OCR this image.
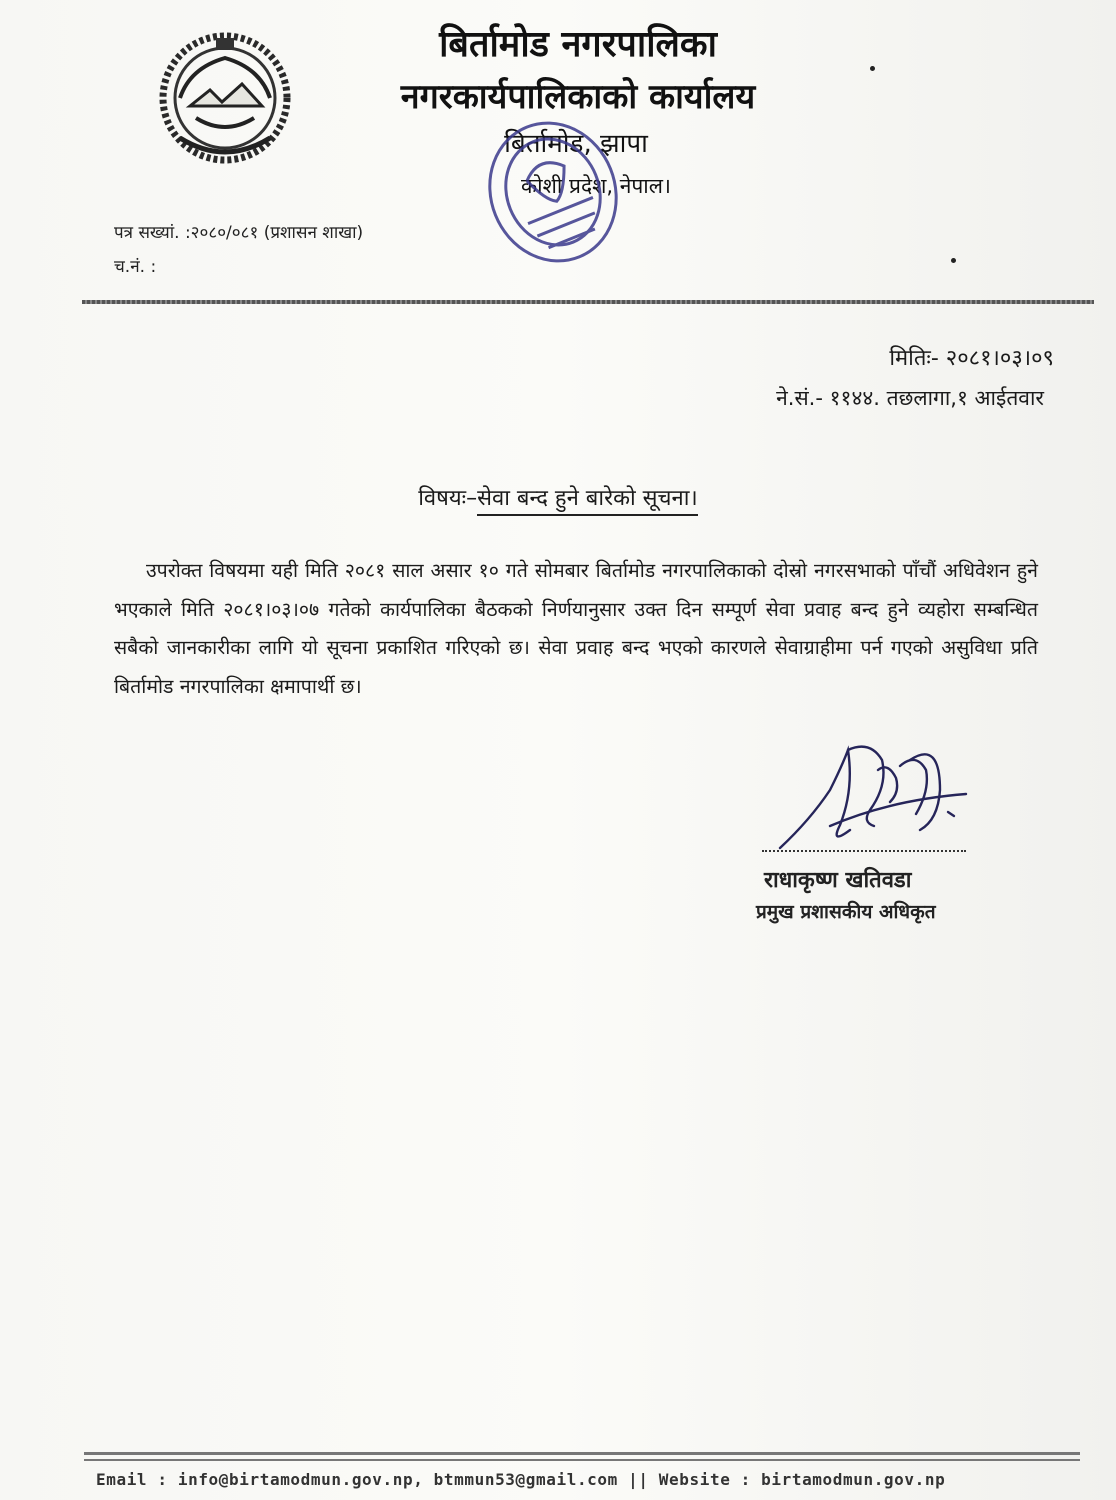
बिर्तामोड नगरपालिका
नगरकार्यपालिकाको कार्यालय
बिर्तामोड, झापा
कोशी प्रदेश, नेपाल।
पत्र सख्यां. :२०८०/०८१ (प्रशासन शाखा)
च.नं. :
मितिः- २०८१।०३।०९
ने.सं.- ११४४. तछलागा,१ आईतवार
विषयः–सेवा बन्द हुने बारेको सूचना।

उपरोक्त विषयमा यही मिति २०८१ साल असार १० गते सोमबार बिर्तामोड नगरपालिकाको दोस्रो नगरसभाको पाँचौं अधिवेशन हुने भएकाले मिति २०८१।०३।०७ गतेको कार्यपालिका बैठकको निर्णयानुसार उक्त दिन सम्पूर्ण सेवा प्रवाह बन्द हुने व्यहोरा सम्बन्धित सबैको जानकारीका लागि यो सूचना प्रकाशित गरिएको छ। सेवा प्रवाह बन्द भएको कारणले सेवाग्राहीमा पर्न गएको असुविधा प्रति बिर्तामोड नगरपालिका क्षमापार्थी छ।

राधाकृष्ण खतिवडा
प्रमुख प्रशासकीय अधिकृत
Email : info@birtamodmun.gov.np, btmmun53@gmail.com || Website : birtamodmun.gov.np
